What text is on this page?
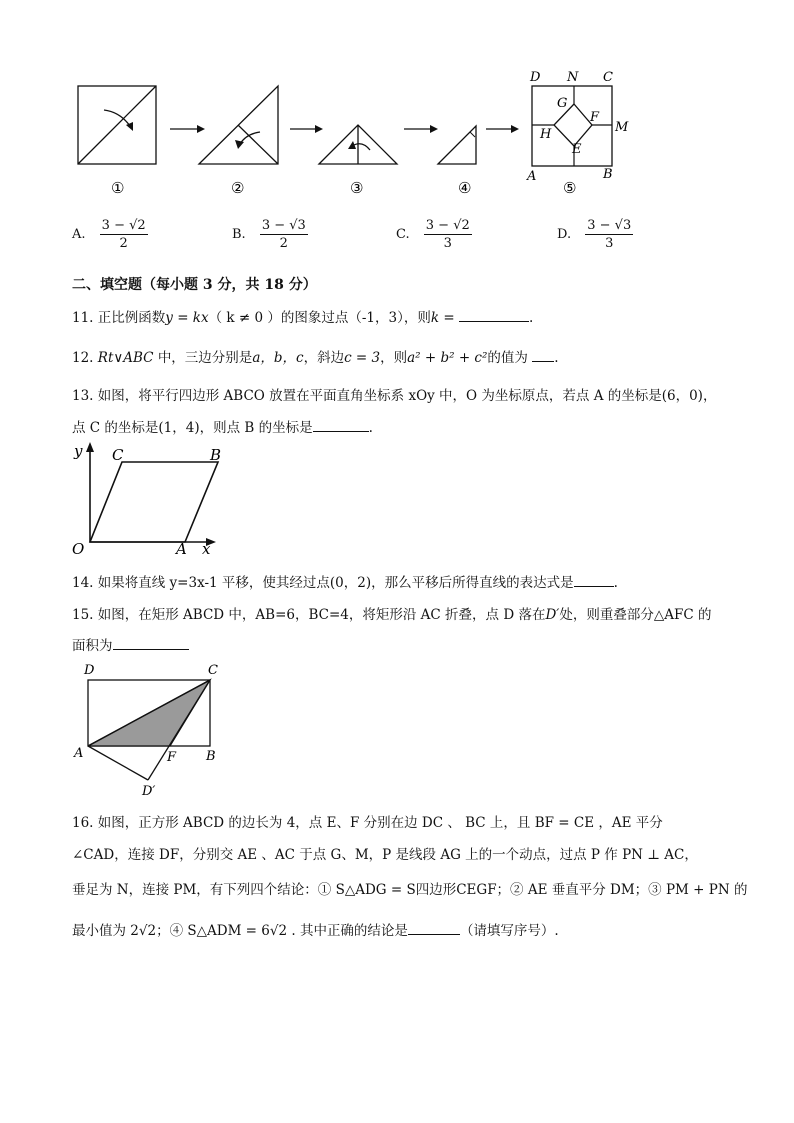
①	②	③	④
D N C
G
F
M
H
E
A	B
⑤
A. $\frac{3 - √2}{2}$	B. $\frac{3 - √3}{2}$	C. $\frac{3 - √2}{3}$	D. $\frac{3 - √3}{3}$
二、填空题（每小题 3 分，共 18 分）
11. 正比例函数y = kx（ k ≠ 0 ）的图象过点（-1，3），则k =	.
12. Rt∨ABC 中，三边分别是a，b，c，斜边c = 3，则a² + b² + c²的值为 .
13. 如图，将平行四边形 ABCO 放置在平面直角坐标系 xOy 中，O 为坐标原点，若点 A 的坐标是(6，0)，
点 C 的坐标是(1，4)，则点 B 的坐标是	.
y
x
C	B
O	A
14. 如果将直线 y=3x-1 平移，使其经过点(0，2)，那么平移后所得直线的表达式是	.
15. 如图，在矩形 ABCD 中，AB=6，BC=4，将矩形沿 AC 折叠，点 D 落在D′处，则重叠部分△AFC 的
面积为
D	C
A	F B
D′
16. 如图，正方形 ABCD 的边长为 4，点 E、F 分别在边 DC 、 BC 上，且 BF = CE ，AE 平分
∠CAD，连接 DF，分别交 AE 、AC 于点 G、M，P 是线段 AG 上的一个动点，过点 P 作 PN ⊥ AC，
垂足为 N，连接 PM，有下列四个结论：① S△ADG = S四边形CEGF；② AE 垂直平分 DM；③ PM + PN 的
最小值为 2√2；④ S△ADM = 6√2 . 其中正确的结论是	（请填写序号）.
